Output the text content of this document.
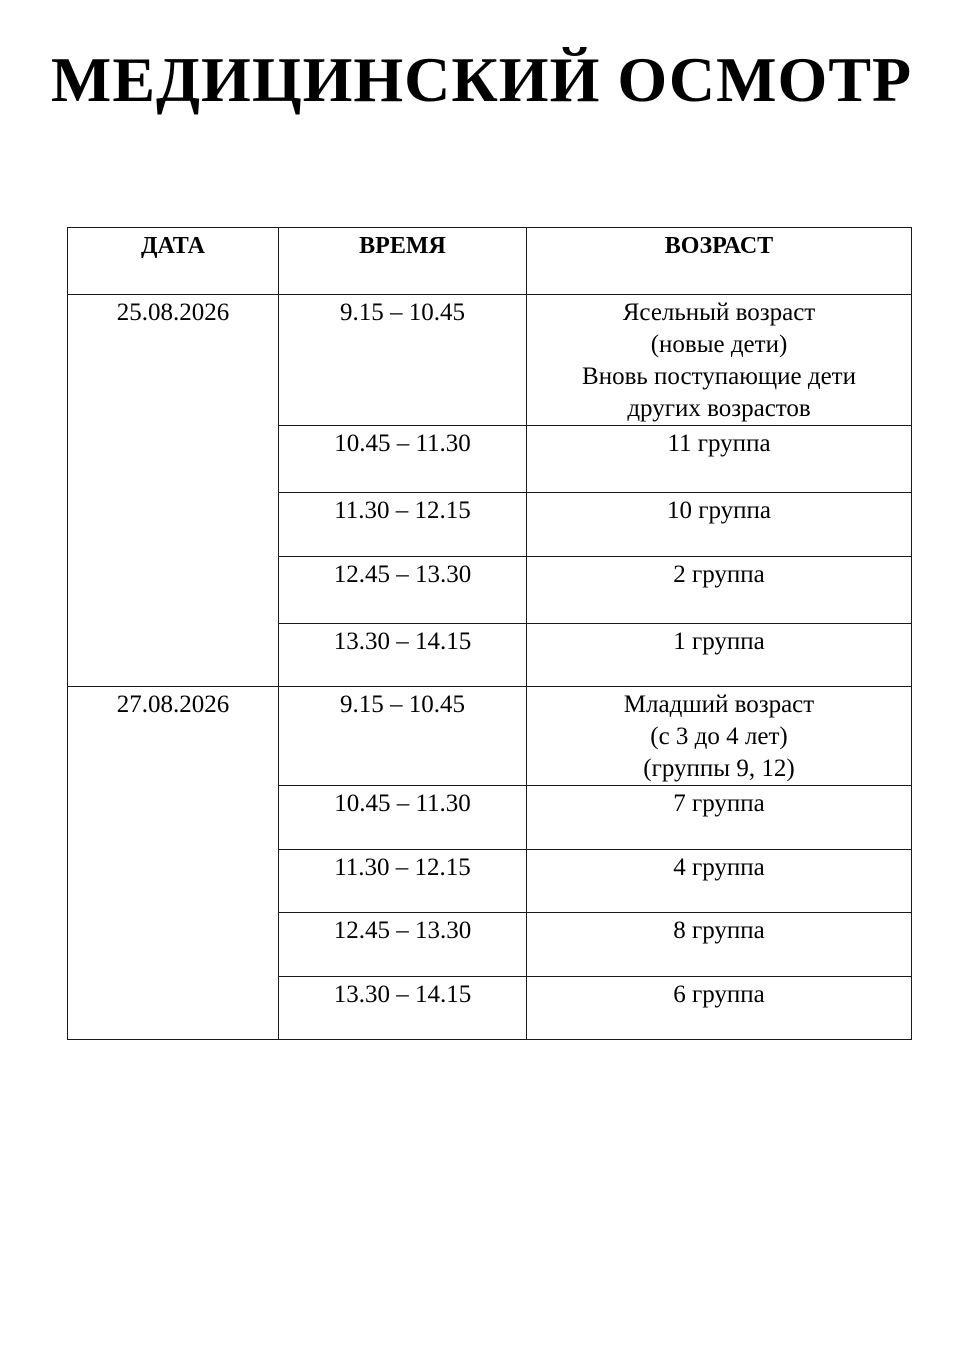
МЕДИЦИНСКИЙ ОСМОТР
ДАТА	ВРЕМЯ	ВОЗРАСТ
25.08.2026	9.15 – 10.45	Ясельный возраст
(новые дети)
Вновь поступающие дети
других возрастов

	10.45 – 11.30	11 группа

	11.30 – 12.15	10 группа

	12.45 – 13.30	2 группа

	13.30 – 14.15	1 группа

27.08.2026	9.15 – 10.45	Младший возраст
(с 3 до 4 лет)
(группы 9, 12)

	10.45 – 11.30	7 группа

	11.30 – 12.15	4 группа

	12.45 – 13.30	8 группа

	13.30 – 14.15	6 группа
